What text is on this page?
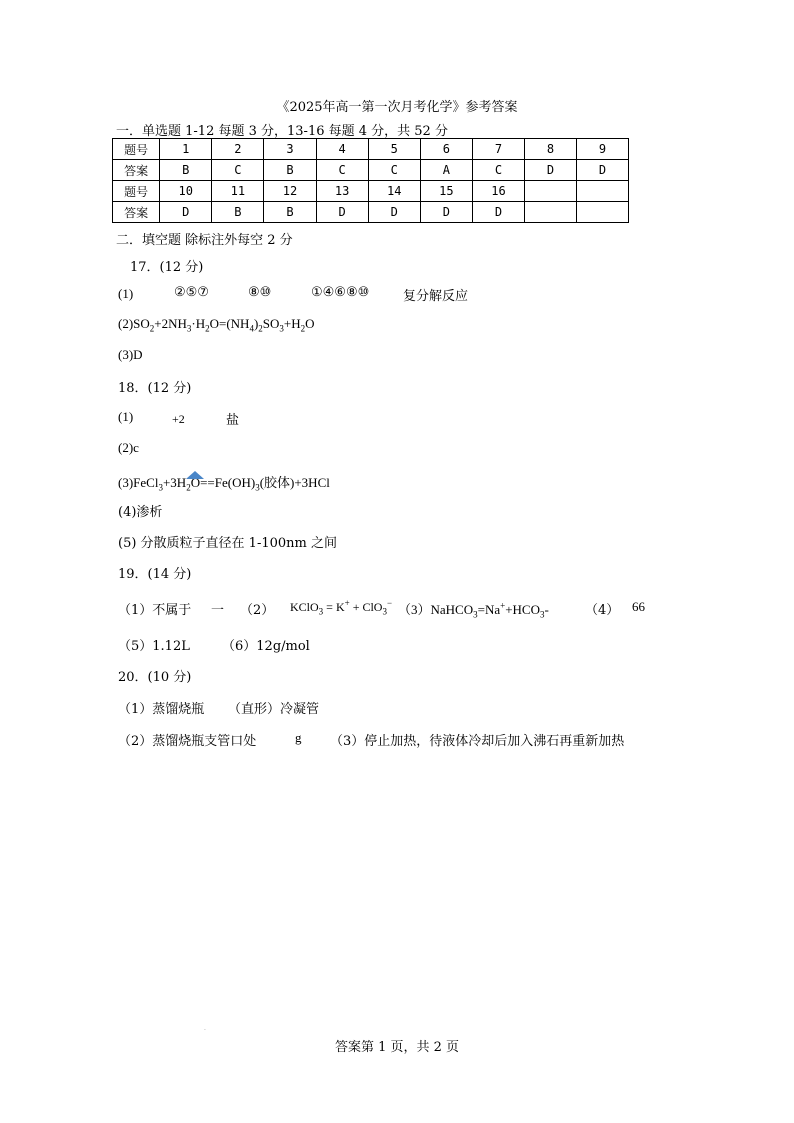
《2025年高一第一次月考化学》参考答案
一．单选题 1-12 每题 3 分，13-16 每题 4 分，共 52 分
题号	1	2	3	4	5	6	7	8	9
答案	B	C	B	C	C	A	C	D	D
题号	10	11	12	13	14	15	16		
答案	D	B	B	D	D	D	D		
二．填空题 除标注外每空 2 分
17．(12 分)
(1)	②⑤⑦	⑧⑩	①④⑥⑧⑩	复分解反应
$(2)SO_2+2NH_3\cdot H_2O=(NH_4)_2SO_3+H_2O$
(3)D
18．(12 分)
(1)	+2	盐
(2)c
$(3)FeCl_3+3H_2O==Fe(OH)_3$(胶体)+3HCl
(4)渗析
(5) 分散质粒子直径在 1-100nm 之间
19．(14 分)
（1）不属于 一 （2） KClO$_3$ = K+ + ClO$_3$− $(3)NaHCO_3=Na^++HCO_3-$	（4） 66
（5）1.12L （6）12g/mol
20．(10 分)
（1）蒸馏烧瓶 （直形）冷凝管
（2）蒸馏烧瓶支管口处	g （3）停止加热，待液体冷却后加入沸石再重新加热
·
答案第 1 页，共 2 页
